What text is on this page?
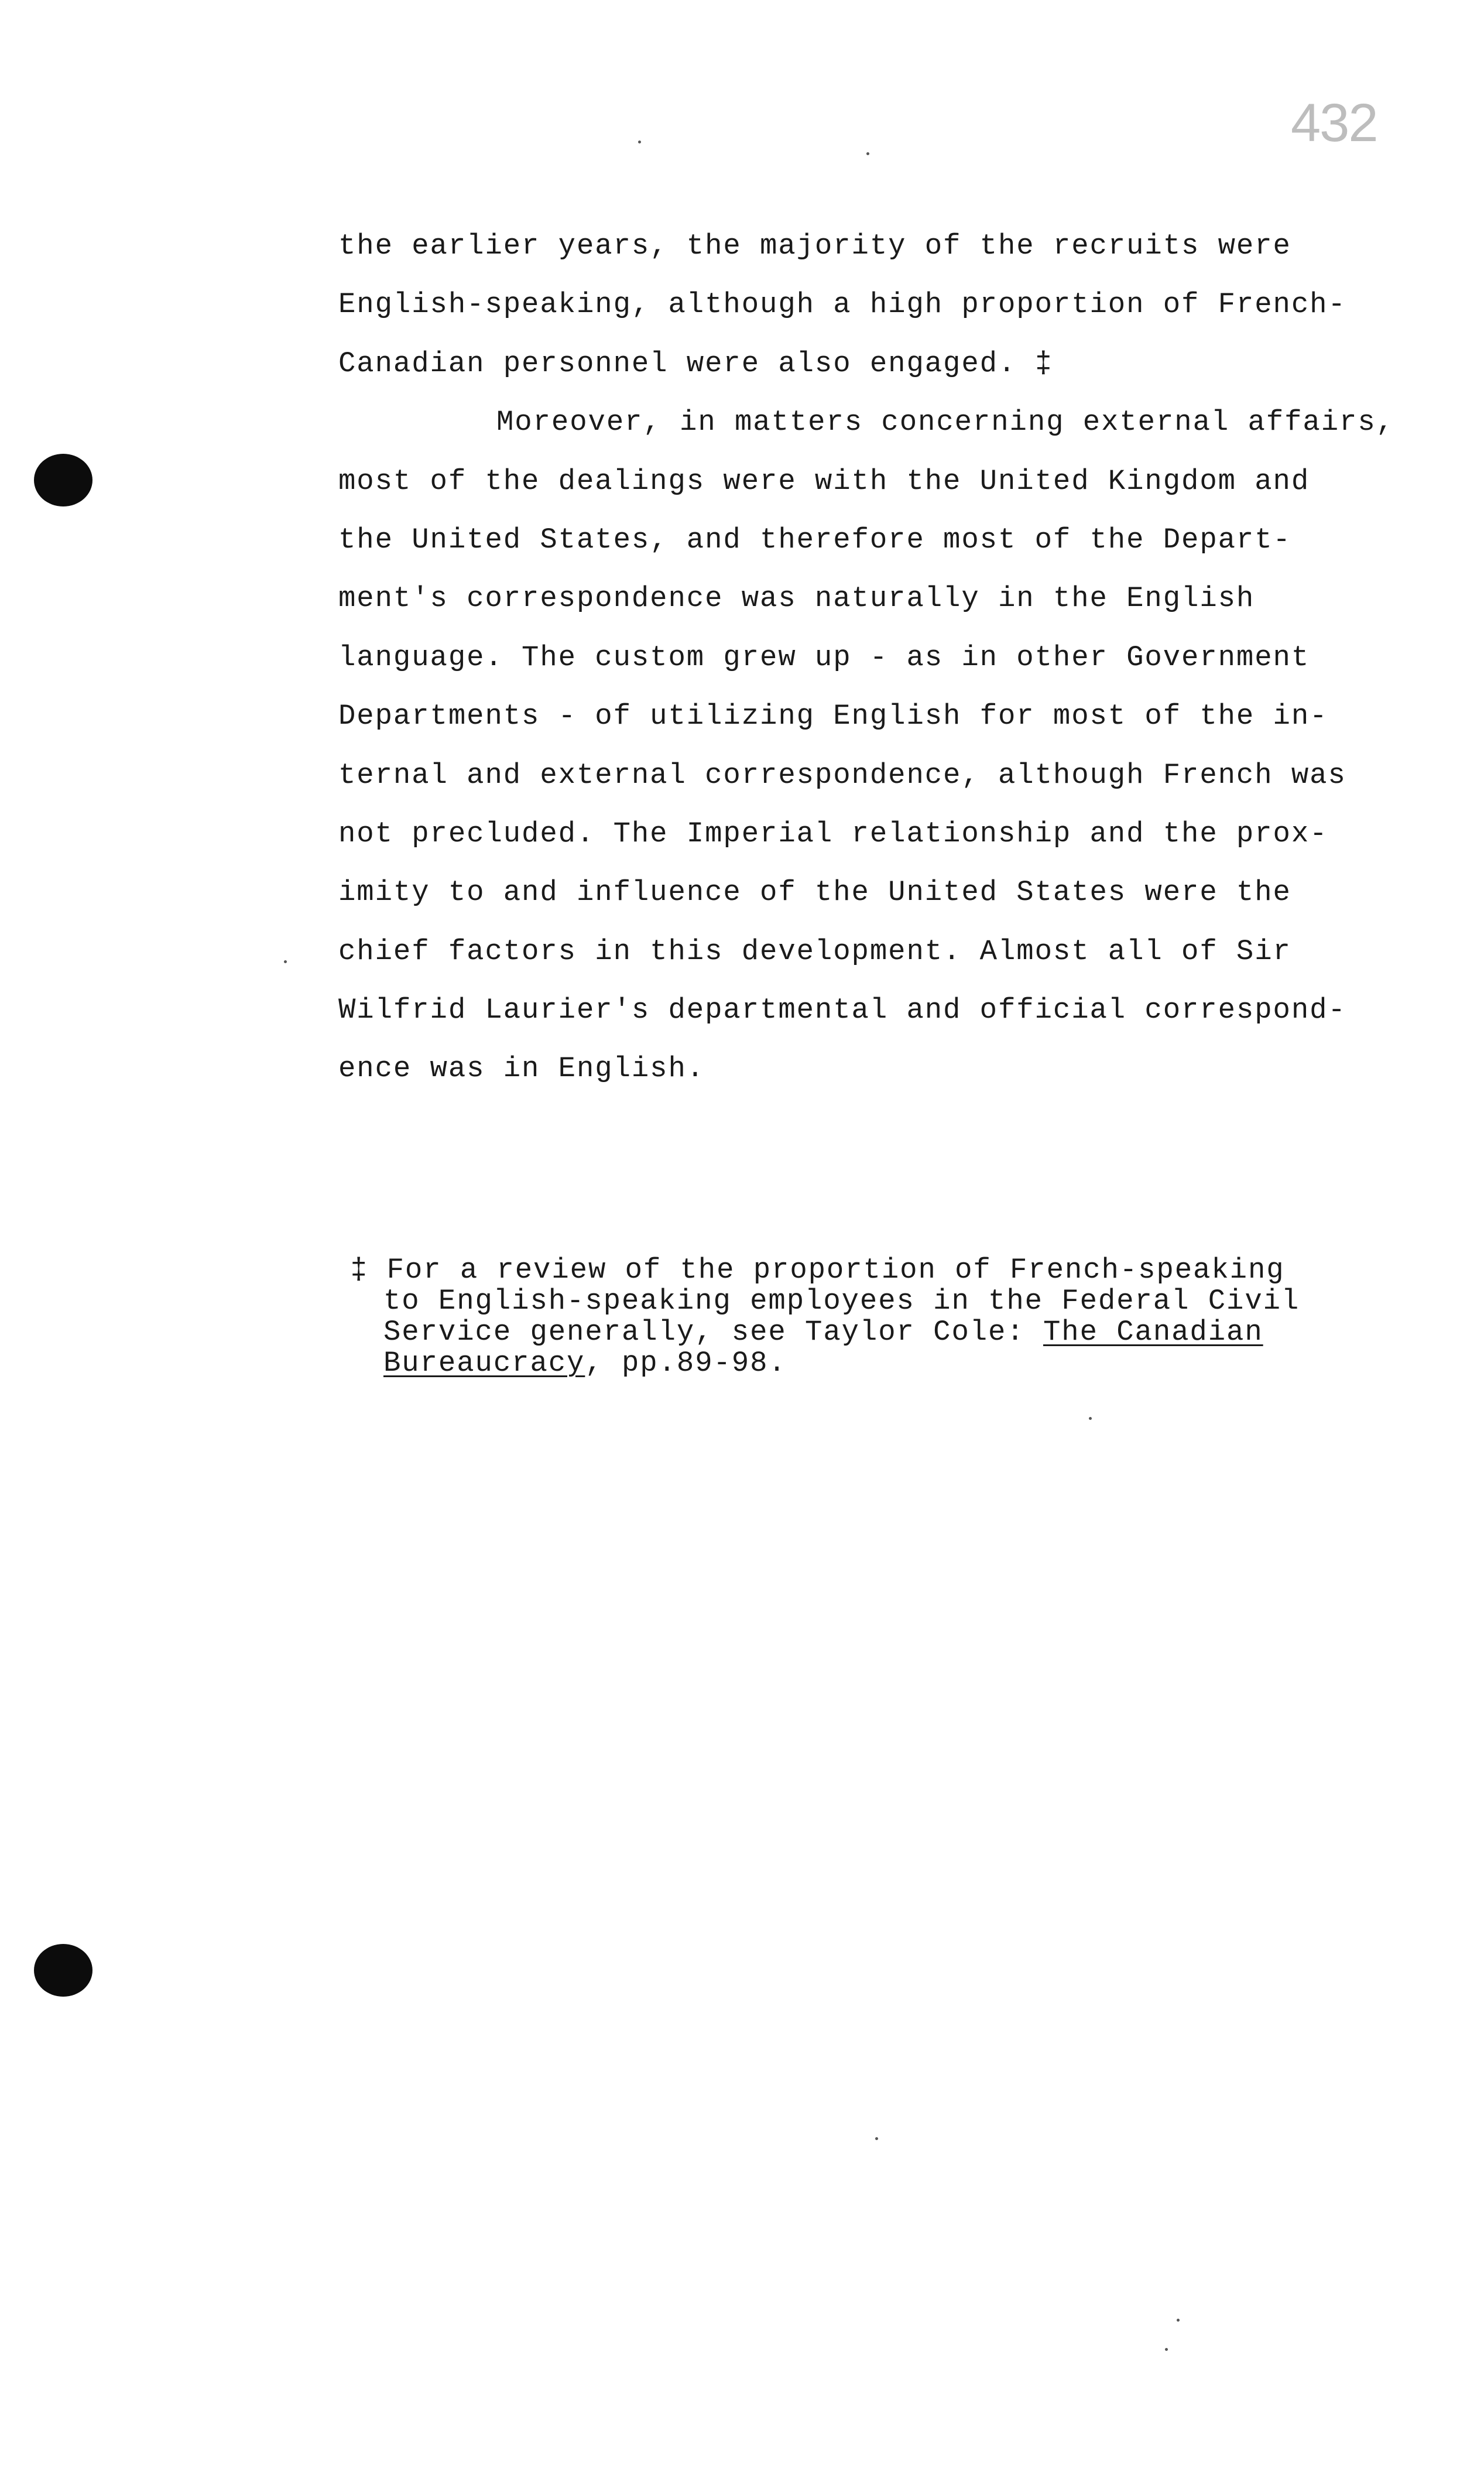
432
the earlier years, the majority of the recruits were
English-speaking, although a high proportion of French-
Canadian personnel were also engaged. ‡
Moreover, in matters concerning external affairs,
most of the dealings were with the United Kingdom and
the United States, and therefore most of the Depart-
ment's correspondence was naturally in the English
language. The custom grew up - as in other Government
Departments - of utilizing English for most of the in-
ternal and external correspondence, although French was
not precluded. The Imperial relationship and the prox-
imity to and influence of the United States were the
chief factors in this development. Almost all of Sir
Wilfrid Laurier's departmental and official correspond-
ence was in English.
‡ For a review of the proportion of French-speaking
to English-speaking employees in the Federal Civil
Service generally, see Taylor Cole: The Canadian
Bureaucracy, pp.89-98.
